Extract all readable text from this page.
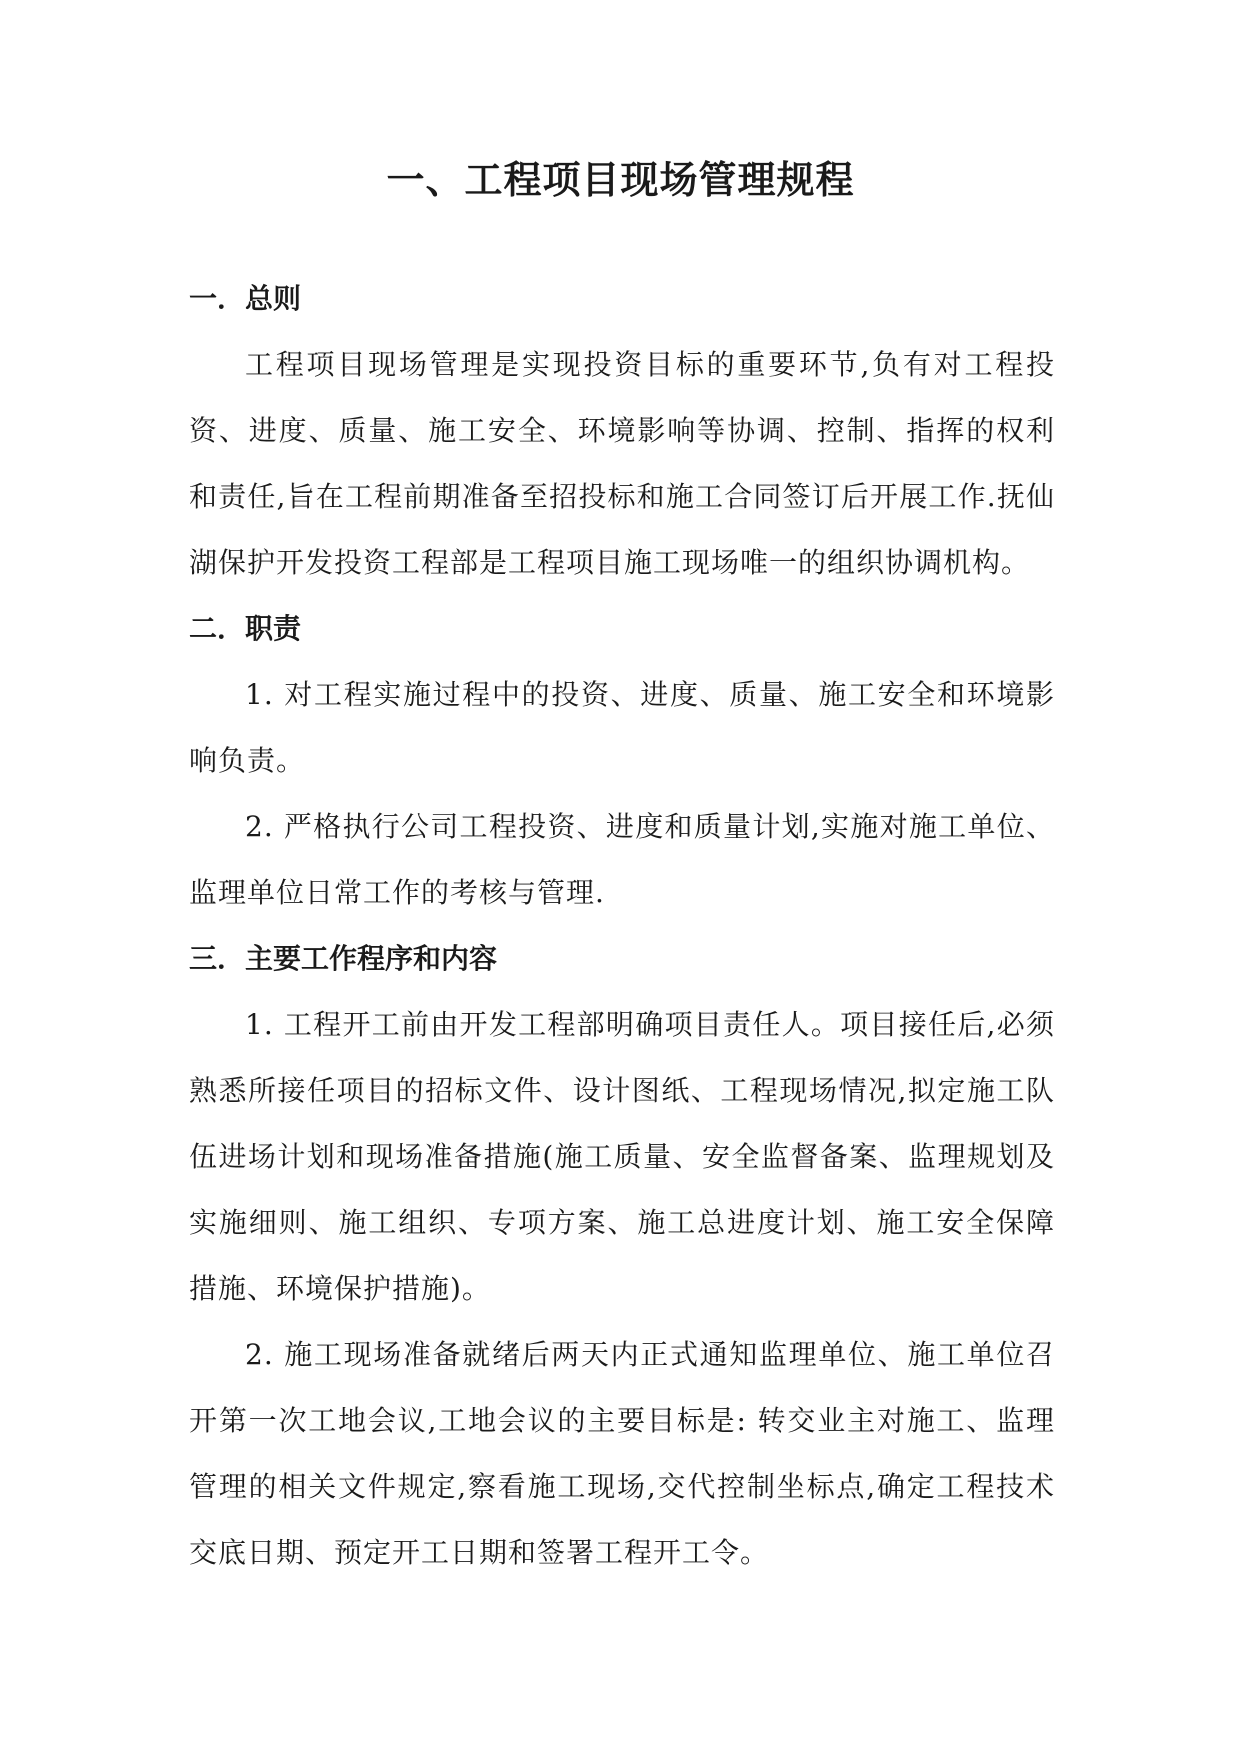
一、工程项目现场管理规程
一．总则

工程项目现场管理是实现投资目标的重要环节,负有对工程投资、进度、质量、施工安全、环境影响等协调、控制、指挥的权利和责任,旨在工程前期准备至招投标和施工合同签订后开展工作.抚仙湖保护开发投资工程部是工程项目施工现场唯一的组织协调机构。

二．职责

1. 对工程实施过程中的投资、进度、质量、施工安全和环境影响负责。

2. 严格执行公司工程投资、进度和质量计划,实施对施工单位、监理单位日常工作的考核与管理.

三．主要工作程序和内容

1. 工程开工前由开发工程部明确项目责任人。项目接任后,必须熟悉所接任项目的招标文件、设计图纸、工程现场情况,拟定施工队伍进场计划和现场准备措施(施工质量、安全监督备案、监理规划及实施细则、施工组织、专项方案、施工总进度计划、施工安全保障措施、环境保护措施)。

2. 施工现场准备就绪后两天内正式通知监理单位、施工单位召开第一次工地会议,工地会议的主要目标是: 转交业主对施工、监理管理的相关文件规定,察看施工现场,交代控制坐标点,确定工程技术交底日期、预定开工日期和签署工程开工令。
